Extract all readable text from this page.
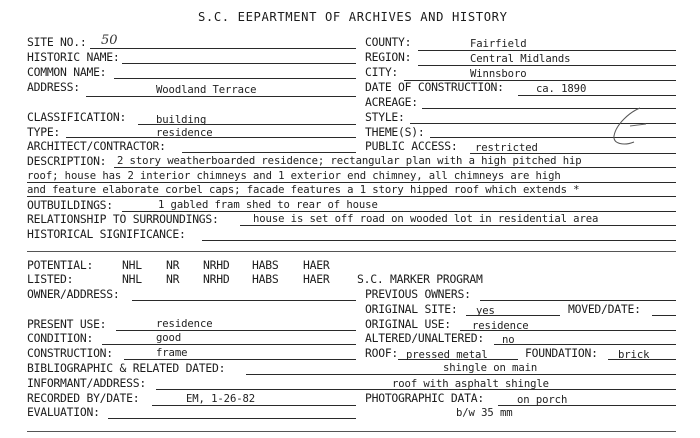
S.C. EEPARTMENT OF ARCHIVES AND HISTORY
SITE NO.: 50
HISTORIC NAME:
COMMON NAME:
ADDRESS:	Woodland Terrace
CLASSIFICATION:	building
TYPE:	residence
ARCHITECT/CONTRACTOR:
COUNTY:	Fairfield
REGION:	Central Midlands
CITY:	Winnsboro
DATE OF CONSTRUCTION:	ca. 1890
ACREAGE:
STYLE:
THEME(S):
PUBLIC ACCESS: restricted
DESCRIPTION: 2 story weatherboarded residence; rectangular plan with a high pitched hip
roof; house has 2 interior chimneys and 1 exterior end chimney, all chimneys are high
and feature elaborate corbel caps; facade features a 1 story hipped roof which extends *
OUTBUILDINGS:	1 gabled fram shed to rear of house
RELATIONSHIP TO SURROUNDINGS:	house is set off road on wooded lot in residential area
HISTORICAL SIGNIFICANCE:
POTENTIAL:	NHL NR NRHD HABS HAER
LISTED:	NHL NR NRHD HABS HAER S.C. MARKER PROGRAM
OWNER/ADDRESS:
PRESENT USE:	residence
CONDITION:	good
CONSTRUCTION:	frame
BIBLIOGRAPHIC & RELATED DATED:	shingle on main
INFORMANT/ADDRESS:	roof with asphalt shingle
RECORDED BY/DATE:	EM, 1-26-82
EVALUATION:
PREVIOUS OWNERS:
ORIGINAL SITE: yes	MOVED/DATE:
ORIGINAL USE: residence
ALTERED/UNALTERED: no
ROOF: pressed metal	FOUNDATION: brick
PHOTOGRAPHIC DATA:	on porch
b/w 35 mm
